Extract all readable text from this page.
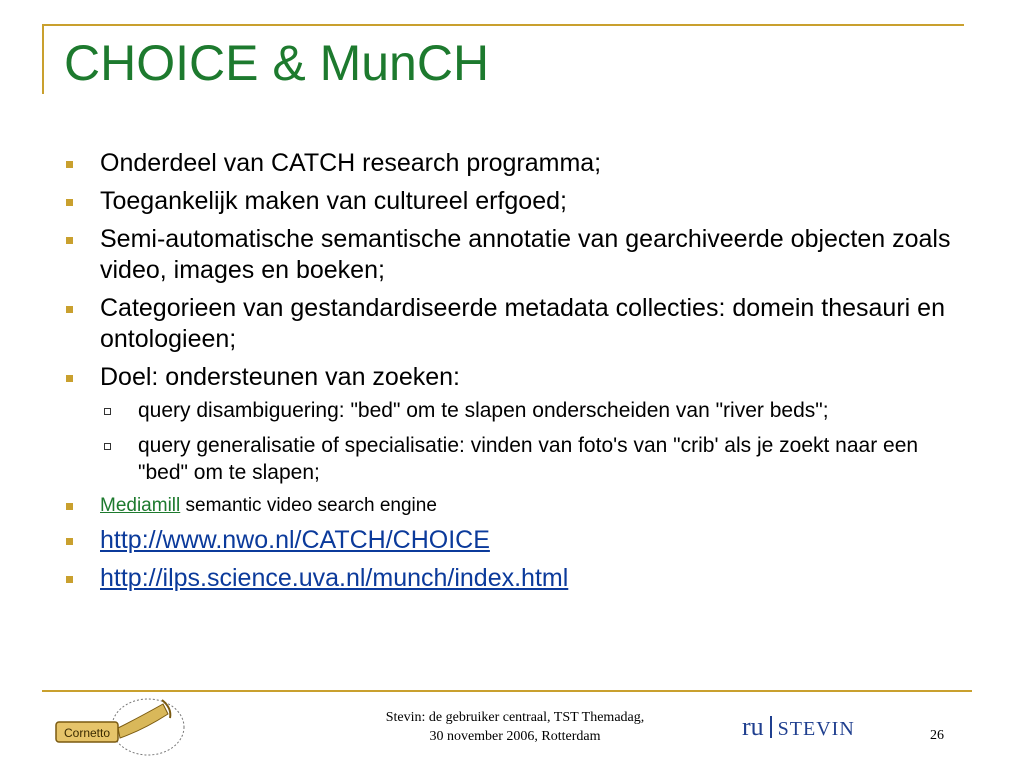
CHOICE & MunCH
Onderdeel van CATCH research programma;
Toegankelijk maken van cultureel erfgoed;
Semi-automatische semantische annotatie van gearchiveerde objecten zoals video, images en boeken;
Categorieen van gestandardiseerde metadata collecties: domein thesauri en ontologieen;
Doel: ondersteunen van zoeken:
query disambiguering: "bed" om te slapen onderscheiden van "river beds";
query generalisatie of specialisatie: vinden van foto's van "crib' als je zoekt naar een "bed" om te slapen;
Mediamill semantic video search engine
http://www.nwo.nl/CATCH/CHOICE
http://ilps.science.uva.nl/munch/index.html
Cornetto
Stevin: de gebruiker centraal, TST Themadag,
30 november 2006, Rotterdam	ru STEVIN	26
